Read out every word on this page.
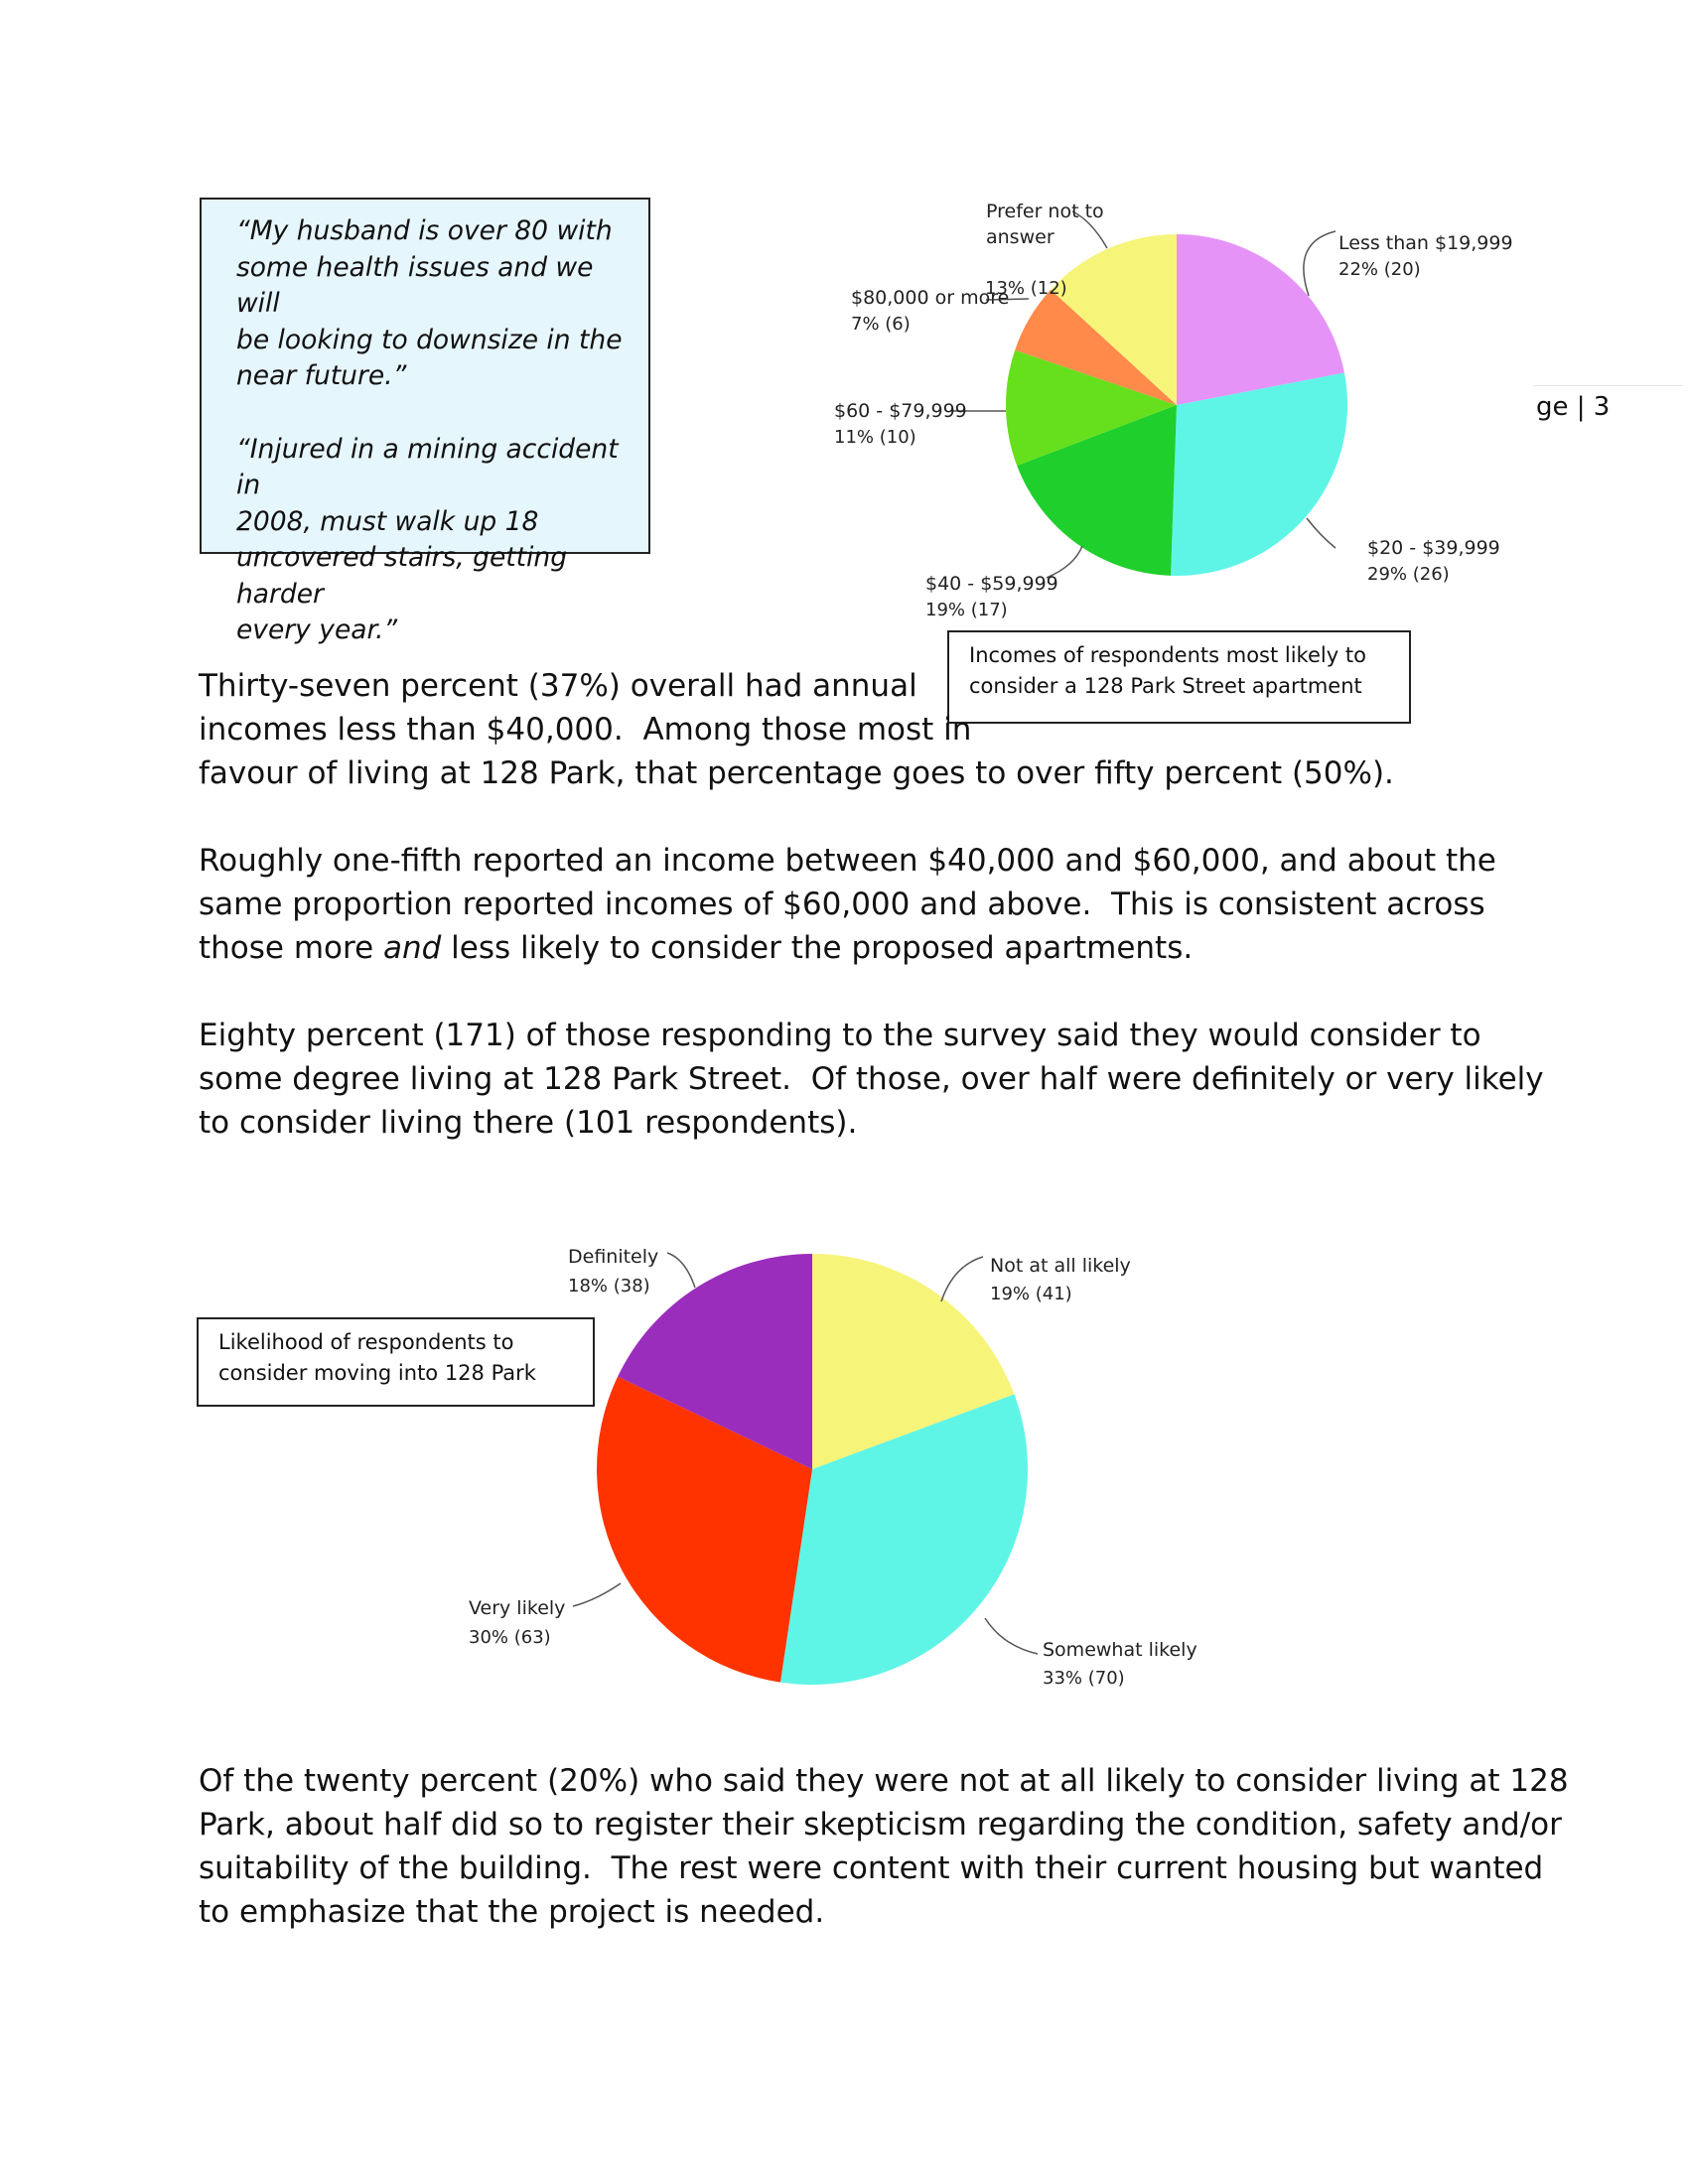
“My husband is over 80 with
some health issues and we will
be looking to downsize in the
near future.”

“Injured in a mining accident in
2008, must walk up 18
uncovered stairs, getting harder
every year.”

ge | 3
Less than $19,999
22% (20)
$20 - $39,999
29% (26)
$40 - $59,999
19% (17)
$60 - $79,999
11% (10)
$80,000 or more
7% (6)
Prefer not to
answer
13% (12)
Not at all likely
19% (41)
Somewhat likely
33% (70)
Very likely
30% (63)
Definitely
18% (38)
Incomes of respondents most likely to
consider a 128 Park Street apartment
Likelihood of respondents to
consider moving into 128 Park

Thirty-seven percent (37%) overall had annual

incomes less than $40,000.  Among those most in

favour of living at 128 Park, that percentage goes to over fifty percent (50%).

Roughly one-fifth reported an income between $40,000 and $60,000, and about the

same proportion reported incomes of $60,000 and above.  This is consistent across

those more and less likely to consider the proposed apartments.

Eighty percent (171) of those responding to the survey said they would consider to

some degree living at 128 Park Street.  Of those, over half were definitely or very likely

to consider living there (101 respondents).

Of the twenty percent (20%) who said they were not at all likely to consider living at 128

Park, about half did so to register their skepticism regarding the condition, safety and/or

suitability of the building.  The rest were content with their current housing but wanted

to emphasize that the project is needed.
